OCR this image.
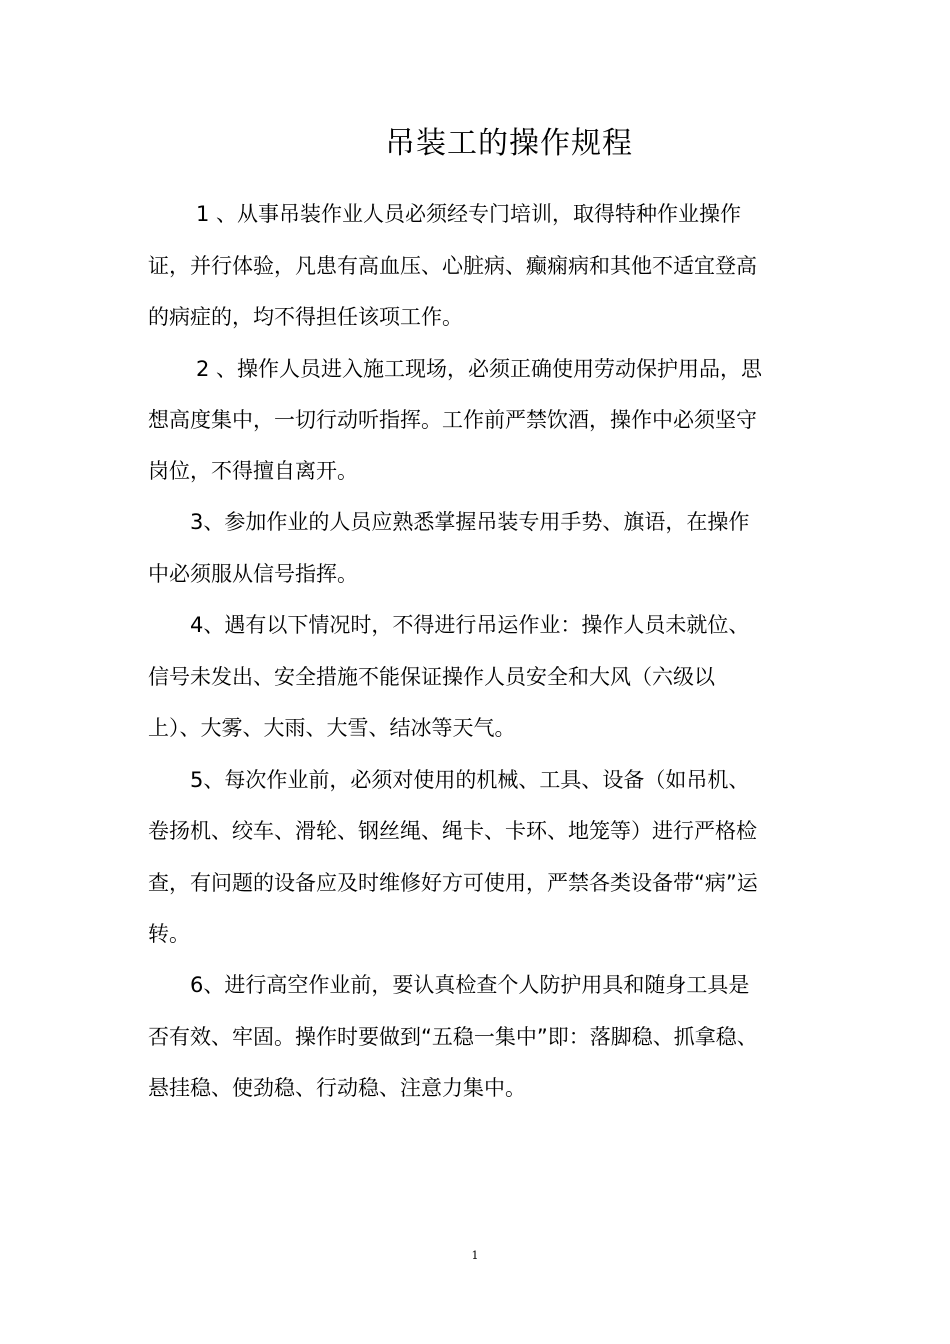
吊装工的操作规程
1 、从事吊装作业人员必须经专门培训，取得特种作业操作
证，并行体验，凡患有高血压、心脏病、癫痫病和其他不适宜登高
的病症的，均不得担任该项工作。
2 、操作人员进入施工现场，必须正确使用劳动保护用品，思
想高度集中，一切行动听指挥。工作前严禁饮酒，操作中必须坚守
岗位，不得擅自离开。
3、参加作业的人员应熟悉掌握吊装专用手势、旗语，在操作
中必须服从信号指挥。
4、遇有以下情况时，不得进行吊运作业：操作人员未就位、
信号未发出、安全措施不能保证操作人员安全和大风（六级以
上）、大雾、大雨、大雪、结冰等天气。
5、每次作业前，必须对使用的机械、工具、设备（如吊机、
卷扬机、绞车、滑轮、钢丝绳、绳卡、卡环、地笼等）进行严格检
查，有问题的设备应及时维修好方可使用，严禁各类设备带“病”运
转。
6、进行高空作业前，要认真检查个人防护用具和随身工具是
否有效、牢固。操作时要做到“五稳一集中”即：落脚稳、抓拿稳、
悬挂稳、使劲稳、行动稳、注意力集中。
1
